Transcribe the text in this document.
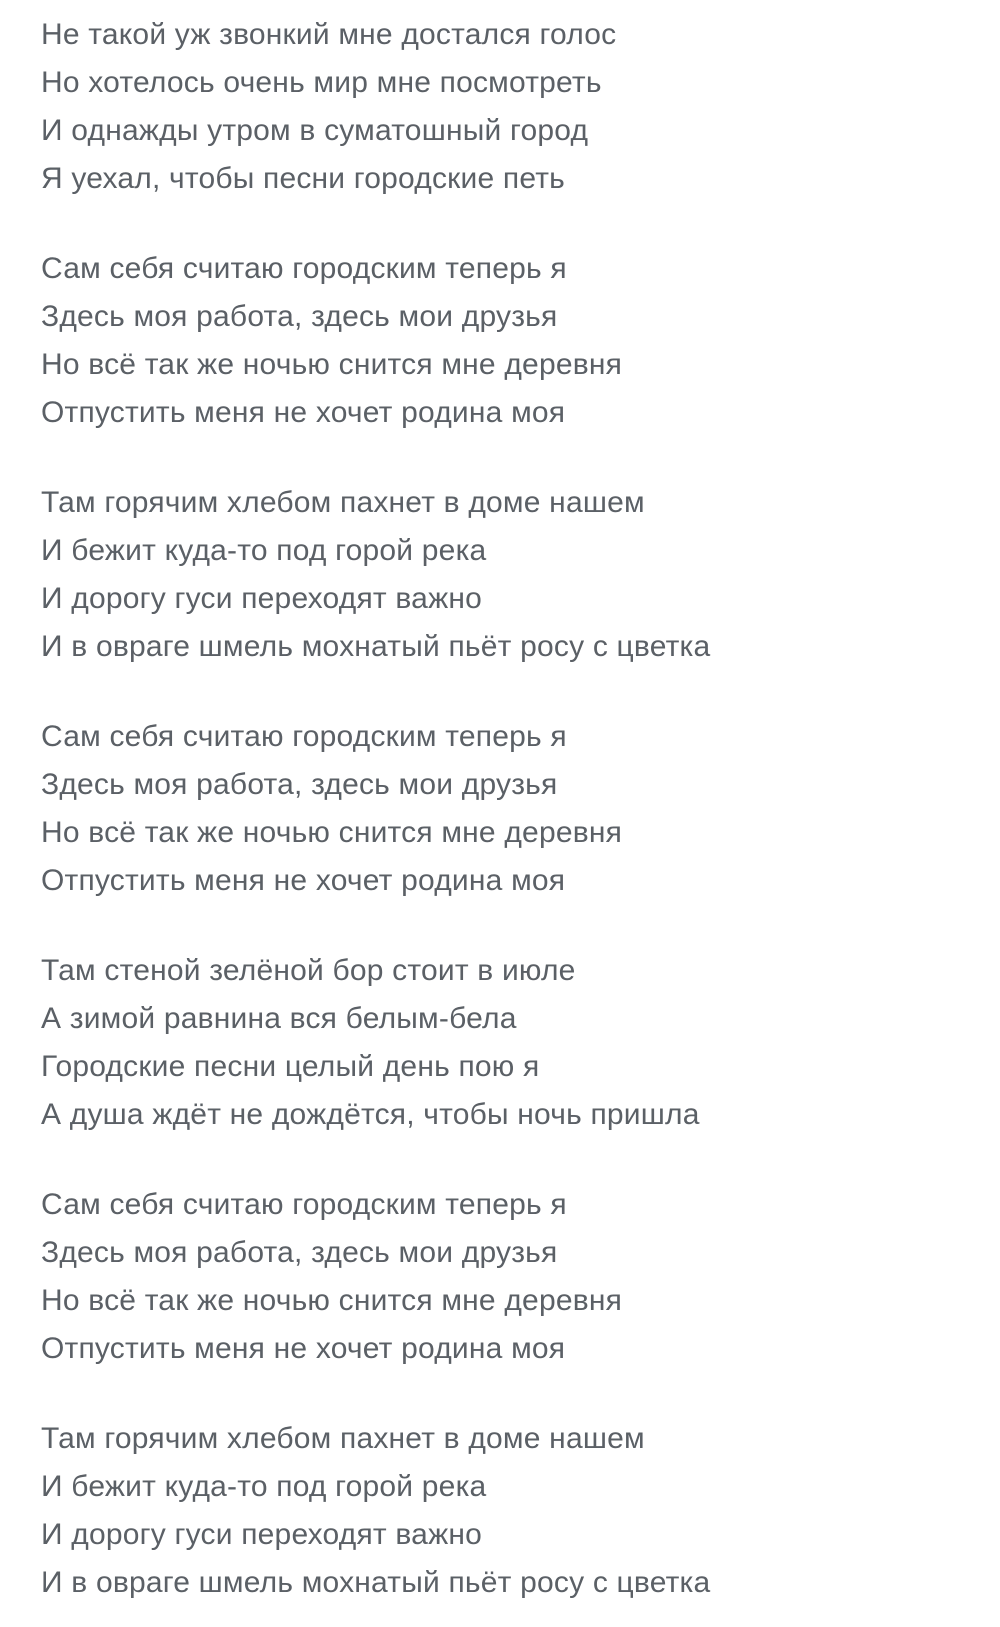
Не такой уж звонкий мне достался голос

Но хотелось очень мир мне посмотреть

И однажды утром в суматошный город

Я уехал, чтобы песни городские петь

Сам себя считаю городским теперь я

Здесь моя работа, здесь мои друзья

Но всё так же ночью снится мне деревня

Отпустить меня не хочет родина моя

Там горячим хлебом пахнет в доме нашем

И бежит куда-то под горой река

И дорогу гуси переходят важно

И в овраге шмель мохнатый пьёт росу с цветка

Сам себя считаю городским теперь я

Здесь моя работа, здесь мои друзья

Но всё так же ночью снится мне деревня

Отпустить меня не хочет родина моя

Там стеной зелёной бор стоит в июле

А зимой равнина вся белым-бела

Городские песни целый день пою я

А душа ждёт не дождётся, чтобы ночь пришла

Сам себя считаю городским теперь я

Здесь моя работа, здесь мои друзья

Но всё так же ночью снится мне деревня

Отпустить меня не хочет родина моя

Там горячим хлебом пахнет в доме нашем

И бежит куда-то под горой река

И дорогу гуси переходят важно

И в овраге шмель мохнатый пьёт росу с цветка
